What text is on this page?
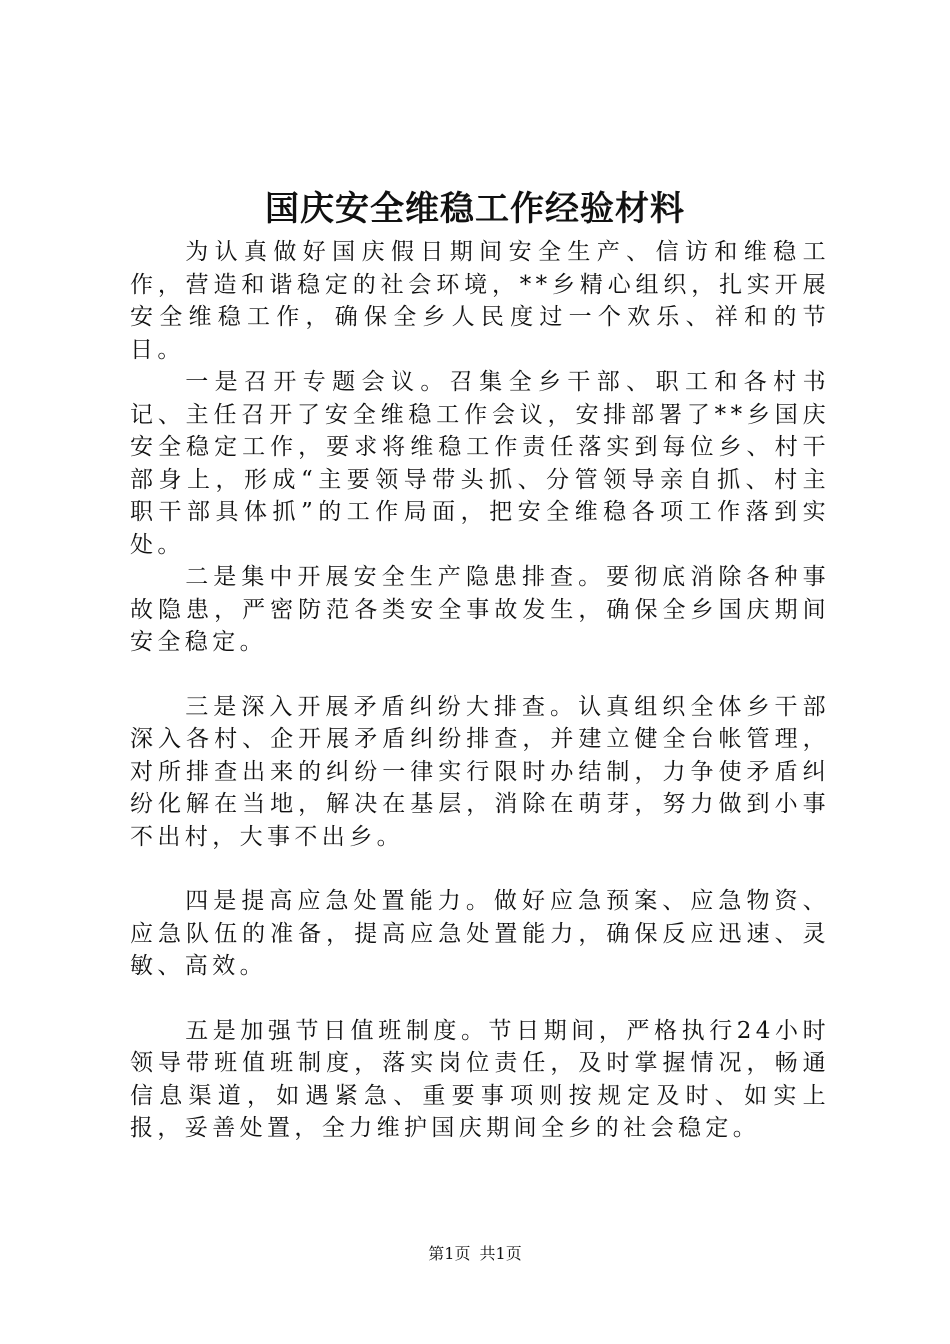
国庆安全维稳工作经验材料

为认真做好国庆假日期间安全生产、信访和维稳工作，营造和谐稳定的社会环境，**乡精心组织，扎实开展安全维稳工作，确保全乡人民度过一个欢乐、祥和的节日。

一是召开专题会议。召集全乡干部、职工和各村书记、主任召开了安全维稳工作会议，安排部署了**乡国庆安全稳定工作，要求将维稳工作责任落实到每位乡、村干部身上，形成“主要领导带头抓、分管领导亲自抓、村主职干部具体抓”的工作局面，把安全维稳各项工作落到实处。

二是集中开展安全生产隐患排查。要彻底消除各种事故隐患，严密防范各类安全事故发生，确保全乡国庆期间安全稳定。

三是深入开展矛盾纠纷大排查。认真组织全体乡干部深入各村、企开展矛盾纠纷排查，并建立健全台帐管理，对所排查出来的纠纷一律实行限时办结制，力争使矛盾纠纷化解在当地，解决在基层，消除在萌芽，努力做到小事不出村，大事不出乡。

四是提高应急处置能力。做好应急预案、应急物资、应急队伍的准备，提高应急处置能力，确保反应迅速、灵敏、高效。

五是加强节日值班制度。节日期间，严格执行24小时领导带班值班制度，落实岗位责任，及时掌握情况，畅通信息渠道，如遇紧急、重要事项则按规定及时、如实上报，妥善处置，全力维护国庆期间全乡的社会稳定。

第1页 共1页
